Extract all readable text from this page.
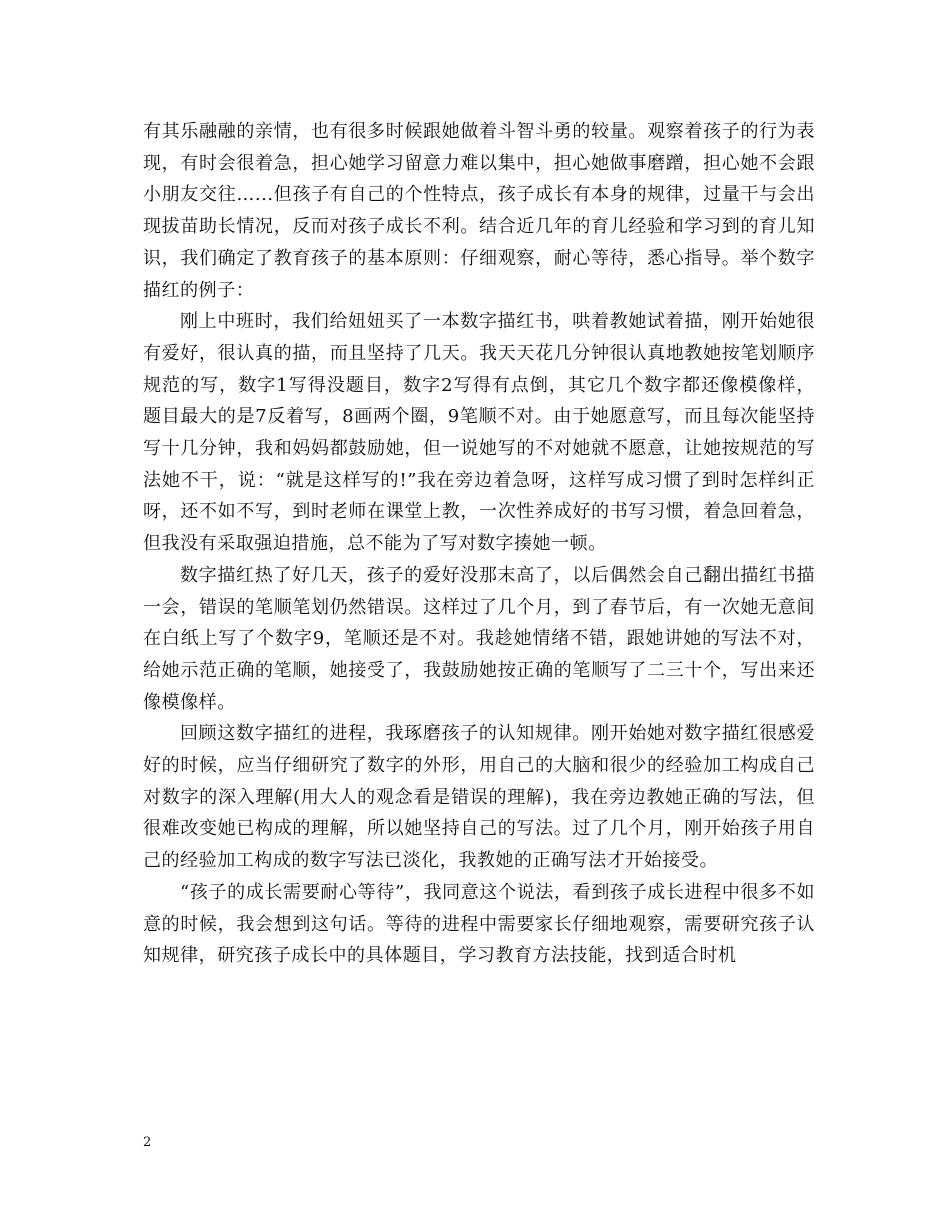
有其乐融融的亲情，也有很多时候跟她做着斗智斗勇的较量。观察着孩子的行为表现，有时会很着急，担心她学习留意力难以集中，担心她做事磨蹭，担心她不会跟小朋友交往…...但孩子有自己的个性特点，孩子成长有本身的规律，过量干与会出现拔苗助长情况，反而对孩子成长不利。结合近几年的育儿经验和学习到的育儿知识，我们确定了教育孩子的基本原则：仔细观察，耐心等待，悉心指导。举个数字描红的例子：

刚上中班时，我们给妞妞买了一本数字描红书，哄着教她试着描，刚开始她很有爱好，很认真的描，而且坚持了几天。我天天花几分钟很认真地教她按笔划顺序规范的写，数字1写得没题目，数字2写得有点倒，其它几个数字都还像模像样，题目最大的是7反着写，8画两个圈，9笔顺不对。由于她愿意写，而且每次能坚持写十几分钟，我和妈妈都鼓励她，但一说她写的不对她就不愿意，让她按规范的写法她不干，说：“就是这样写的!”我在旁边着急呀，这样写成习惯了到时怎样纠正呀，还不如不写，到时老师在课堂上教，一次性养成好的书写习惯，着急回着急，但我没有采取强迫措施，总不能为了写对数字揍她一顿。

数字描红热了好几天，孩子的爱好没那末高了，以后偶然会自己翻出描红书描一会，错误的笔顺笔划仍然错误。这样过了几个月，到了春节后，有一次她无意间在白纸上写了个数字9，笔顺还是不对。我趁她情绪不错，跟她讲她的写法不对，给她示范正确的笔顺，她接受了，我鼓励她按正确的笔顺写了二三十个，写出来还像模像样。

回顾这数字描红的进程，我琢磨孩子的认知规律。刚开始她对数字描红很感爱好的时候，应当仔细研究了数字的外形，用自己的大脑和很少的经验加工构成自己对数字的深入理解(用大人的观念看是错误的理解)，我在旁边教她正确的写法，但很难改变她已构成的理解，所以她坚持自己的写法。过了几个月，刚开始孩子用自己的经验加工构成的数字写法已淡化，我教她的正确写法才开始接受。

“孩子的成长需要耐心等待”，我同意这个说法，看到孩子成长进程中很多不如意的时候，我会想到这句话。等待的进程中需要家长仔细地观察，需要研究孩子认知规律，研究孩子成长中的具体题目，学习教育方法技能，找到适合时机

2
